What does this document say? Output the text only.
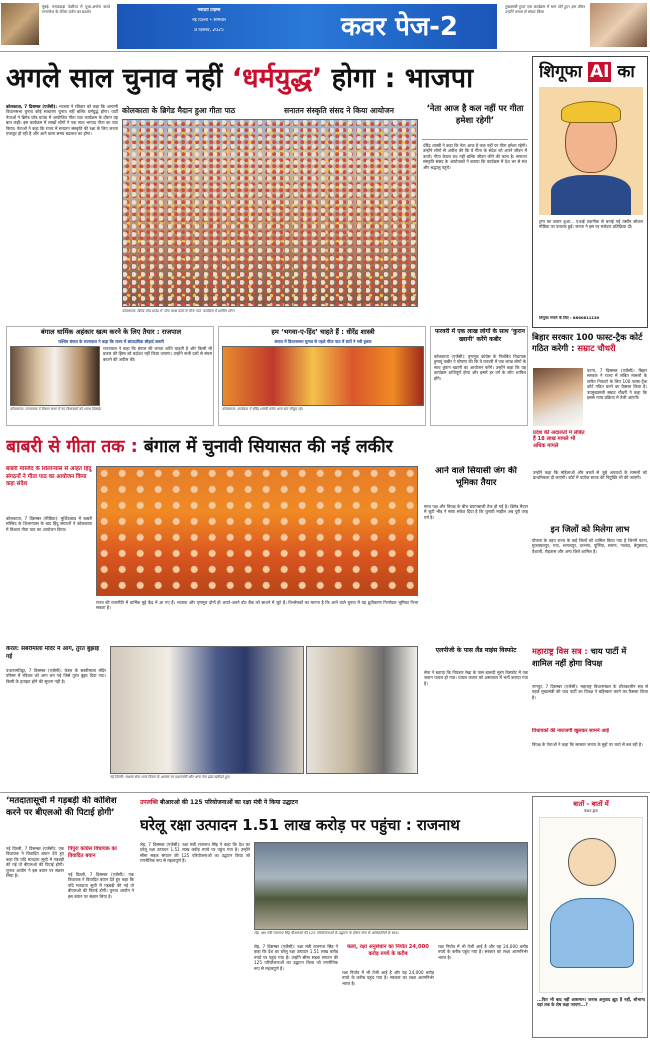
मुंबई: मराठवाड़ा देवरिया में पूजा-अर्चना करते रानागरेज के लेटेस्ट वर्जन का प्रदर्शन	नवोदय टाइम्स
नई दिल्ली • सोमवार
8 दिसंबर, 2025	कवर पेज-2
मुख्यमंत्री गुप्ता एक कार्यक्रम में भाग लेते हुए। इस दौरान उन्होंने जनता से संवाद किया
अगले साल चुनाव नहीं ‘धर्मयुद्ध’ होगा : भाजपा
कोलकाता, 7 दिसम्बर (एजेंसी): भाजपा ने रविवार को कहा कि आगामी विधानसभा चुनाव कोई साधारण चुनाव नहीं बल्कि धर्मयुद्ध होगा। पार्टी नेताओं ने ब्रिगेड परेड ग्राउंड में आयोजित गीता पाठ कार्यक्रम के दौरान यह बात कही। इस कार्यक्रम में लाखों लोगों ने एक साथ भगवद गीता का पाठ किया। नेताओं ने कहा कि राज्य में सनातन संस्कृति की रक्षा के लिए जनता एकजुट हो रही है और आने वाला समय बदलाव का होगा।
कोलकाता के ब्रिगेड मैदान हुआ गीता पाठ	सनातन संस्कृति संसद ने किया आयोजन
कोलकाता: ब्रिगेड परेड ग्राउंड में 'पांच लाख कंठों से गीता पाठ' कार्यक्रम में शामिल लोग।
‘नेता आज है कल नहीं पर गीता हमेशा रहेगी’
धीरेंद्र शास्त्री ने कहा कि नेता आज है कल नहीं पर गीता हमेशा रहेगी। उन्होंने लोगों से अपील की कि वे गीता के संदेश को अपने जीवन में उतारें। गीता केवल ग्रंथ नहीं बल्कि जीवन जीने की कला है। सनातन संस्कृति संसद के आयोजकों ने बताया कि कार्यक्रम में देश भर से संत और श्रद्धालु पहुंचे।
शिगूफा AI का
ट्रम्प का बयान हुआ... एआई तकनीक से बनाई गई तस्वीर सोशल मीडिया पर वायरल हुई। जनता ने इस पर मजेदार प्रतिक्रिया दी।
शिगूफा भेजने के लिए : 8860611130
बिहार सरकार 100 फास्ट-ट्रैक कोर्ट गठित करेगी : सम्राट चौधरी
पटना, 7 दिसम्बर (एजेंसी): बिहार सरकार ने राज्य में लंबित मामलों के त्वरित निपटारे के लिए 100 फास्ट-ट्रैक कोर्ट गठित करने का फैसला किया है। उपमुख्यमंत्री सम्राट चौधरी ने कहा कि इससे न्याय प्रक्रिया में तेजी आएगी।
प्रदेश की अदालतों में लंबित हैं 18 लाख मामले भी अधिक मामले
उन्होंने कहा कि महिलाओं और बच्चों से जुड़े अपराधों के मामलों को प्राथमिकता दी जाएगी। कोर्ट में पर्याप्त स्टाफ की नियुक्ति भी की जाएगी।
बंगाल धार्मिक अहंकार खत्म करने के लिए तैयार : राजपाल
पश्चिम बंगाल के राज्यपाल ने कहा कि राज्य में सांप्रदायिक सौहार्द जरूरी
कोलकाता: राज्यपाल ने विधान सभा में नए विधायकों को शपथ दिलाई।
राज्यपाल ने कहा कि बंगाल की जनता शांति चाहती है और किसी भी प्रकार की हिंसा को बर्दाश्त नहीं किया जाएगा। उन्होंने सभी दलों से संयम बरतने की अपील की।
हम ‘भगवा-ए-हिंद’ चाहते हैं : धीरेंद्र शास्त्री
बंगाल में विधानसभा चुनाव से पहले गीता पाठ में संतों ने भरी हुंकार
कोलकाता: कार्यक्रम में धीरेंद्र शास्त्री समेत अन्य संत मौजूद रहे।
फरवरी में एक लाख लोगों के साथ ‘कुरान ख्वानी’ करेंगे कबीर
कोलकाता (एजेंसी): तृणमूल कांग्रेस के निलंबित विधायक हुमायूं कबीर ने घोषणा की कि वे फरवरी में एक लाख लोगों के साथ कुरान ख्वानी का आयोजन करेंगे। उन्होंने कहा कि यह कार्यक्रम शांतिपूर्ण होगा और इसमें हर वर्ग के लोग शामिल होंगे।
बाबरी से गीता तक : बंगाल में चुनावी सियासत की नई लकीर
बाबरी मस्जिद के शिलान्यास से आहत हिंदु संगठनों ने गीता पाठ का आयोजन किया कहा संदेश
कोलकाता, 7 दिसम्बर (मीडिया): मुर्शिदाबाद में बाबरी मस्जिद के शिलान्यास के बाद हिंदू संगठनों ने कोलकाता में विशाल गीता पाठ का आयोजन किया।
राज्य की राजनीति में धार्मिक मुद्दे केंद्र में आ गए हैं। भाजपा और तृणमूल दोनों ही अपने-अपने वोट बैंक को साधने में जुटे हैं। विश्लेषकों का मानना है कि आने वाले चुनाव में यह ध्रुवीकरण निर्णायक भूमिका निभा सकता है।
आने वाले सियासी जंग की भूमिका तैयार
सत्ता पक्ष और विपक्ष के बीच बयानबाजी तेज हो गई है। ब्रिगेड मैदान में जुटी भीड़ ने साफ संकेत दिया है कि चुनावी माहौल अब पूरी तरह गर्म है।
इन जिलों को मिलेगा लाभ
योजना के तहत राज्य के कई जिलों को शामिल किया गया है जिनमें पटना, मुजफ्फरपुर, गया, भागलपुर, दरभंगा, पूर्णिया, सारण, नालंदा, बेगूसराय, वैशाली, रोहतास और अन्य जिले शामिल हैं।
केरल: सबरीमाला मंदिर में आग, तुरंत बुझाई गई
पथानामथिट्टा, 7 दिसम्बर (एजेंसी): केरल के सबरीमाला मंदिर परिसर में रविवार को आग लग गई जिसे तुरंत बुझा दिया गया। किसी के हताहत होने की सूचना नहीं है।
नई दिल्ली: सशस्त्र सेना ध्वज दिवस के अवसर पर प्रधानमंत्री और अन्य नेता झंडा खरीदते हुए।
एलपीजी के पास लैंड माइंस विस्फोट
सेना ने बताया कि नियंत्रण रेखा के पास बारूदी सुरंग विस्फोट में एक जवान घायल हो गया। घायल जवान को अस्पताल में भर्ती कराया गया है।
महाराष्ट्र विस सत्र : चाय पार्टी में शामिल नहीं होगा विपक्ष
नागपुर, 7 दिसम्बर (एजेंसी): महाराष्ट्र विधानमंडल के शीतकालीन सत्र से पहले मुख्यमंत्री की चाय पार्टी का विपक्ष ने बहिष्कार करने का फैसला किया है।
विधायकों की नाराजगी खुलकर सामने आई
विपक्ष के नेताओं ने कहा कि सरकार जनता के मुद्दों पर चर्चा से बच रही है।
‘मतदातासूची में गड़बड़ी की कोशिश करने पर बीएलओ की पिटाई होगी’
नई दिल्ली, 7 दिसम्बर (एजेंसी): एक विधायक ने विवादित बयान देते हुए कहा कि यदि मतदाता सूची में गड़बड़ी की गई तो बीएलओ की पिटाई होगी। चुनाव आयोग ने इस बयान पर संज्ञान लिया है।
त्रिपुरा कांग्रेस विधायक का विवादित बयान
नई दिल्ली, 7 दिसम्बर (एजेंसी): एक विधायक ने विवादित बयान देते हुए कहा कि यदि मतदाता सूची में गड़बड़ी की गई तो बीएलओ की पिटाई होगी। चुनाव आयोग ने इस बयान पर संज्ञान लिया है।
उपलब्धि बीआरओ की 125 परियोजनाओं का रक्षा मंत्री ने किया उद्घाटन
घरेलू रक्षा उत्पादन 1.51 लाख करोड़ पर पहुंचा : राजनाथ
लेह, 7 दिसम्बर (एजेंसी): रक्षा मंत्री राजनाथ सिंह ने कहा कि देश का घरेलू रक्षा उत्पादन 1.51 लाख करोड़ रुपये पर पहुंच गया है। उन्होंने सीमा सड़क संगठन की 125 परियोजनाओं का उद्घाटन किया जो रणनीतिक रूप से महत्वपूर्ण हैं।
लेह: रक्षा मंत्री राजनाथ सिंह बीआरओ की 125 परियोजनाओं के उद्घाटन के दौरान सेना के अधिकारियों के साथ।
लेह, 7 दिसम्बर (एजेंसी): रक्षा मंत्री राजनाथ सिंह ने कहा कि देश का घरेलू रक्षा उत्पादन 1.51 लाख करोड़ रुपये पर पहुंच गया है। उन्होंने सीमा सड़क संगठन की 125 परियोजनाओं का उद्घाटन किया जो रणनीतिक रूप से महत्वपूर्ण हैं।
कला, रक्षा अनुसंधान का निर्यात 24,000 करोड़ रुपये के करीब
रक्षा निर्यात में भी तेजी आई है और यह 24,000 करोड़ रुपये के करीब पहुंच गया है। सरकार का लक्ष्य आत्मनिर्भर भारत है।
रक्षा निर्यात में भी तेजी आई है और यह 24,000 करोड़ रुपये के करीब पहुंच गया है। सरकार का लक्ष्य आत्मनिर्भर भारत है।
बातों - बातों में
केशव द्वारा
...फिर भी बाद नहीं आसमान। जनाब अनुवाद झूठ हैं नहीं, सौभाग्य यहां तक के शेष कहा जाएगा...?
